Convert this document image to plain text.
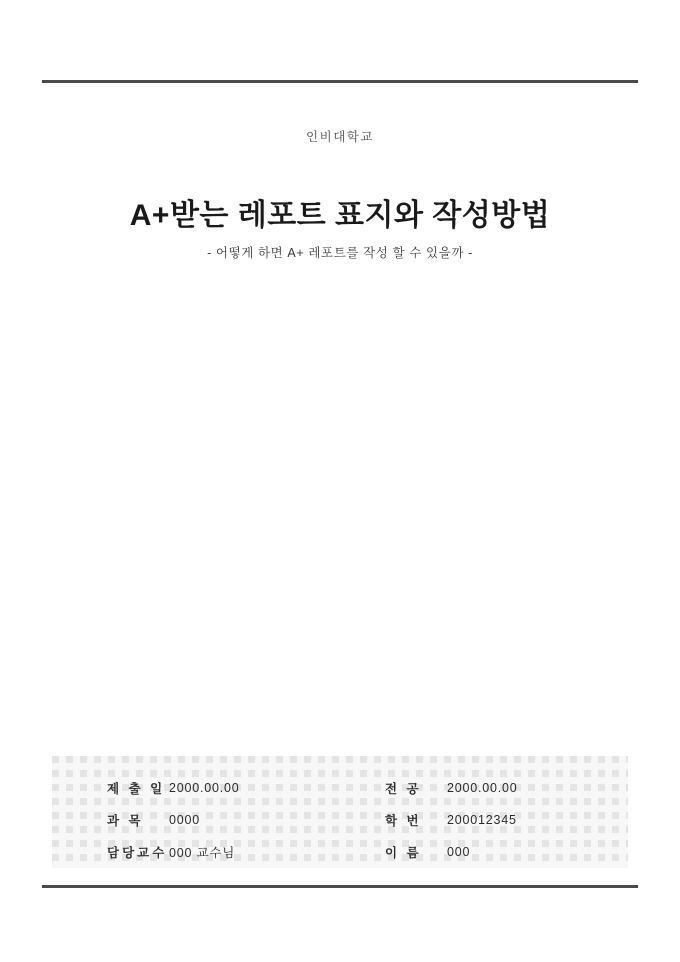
인비대학교
A+받는 레포트 표지와 작성방법
- 어떻게 하면 A+ 레포트를 작성 할 수 있을까 -
제 출 일 2000.00.00	전 공	2000.00.00
과 목	0000	학 번	200012345
담당교수 000 교수님	이 름	000
